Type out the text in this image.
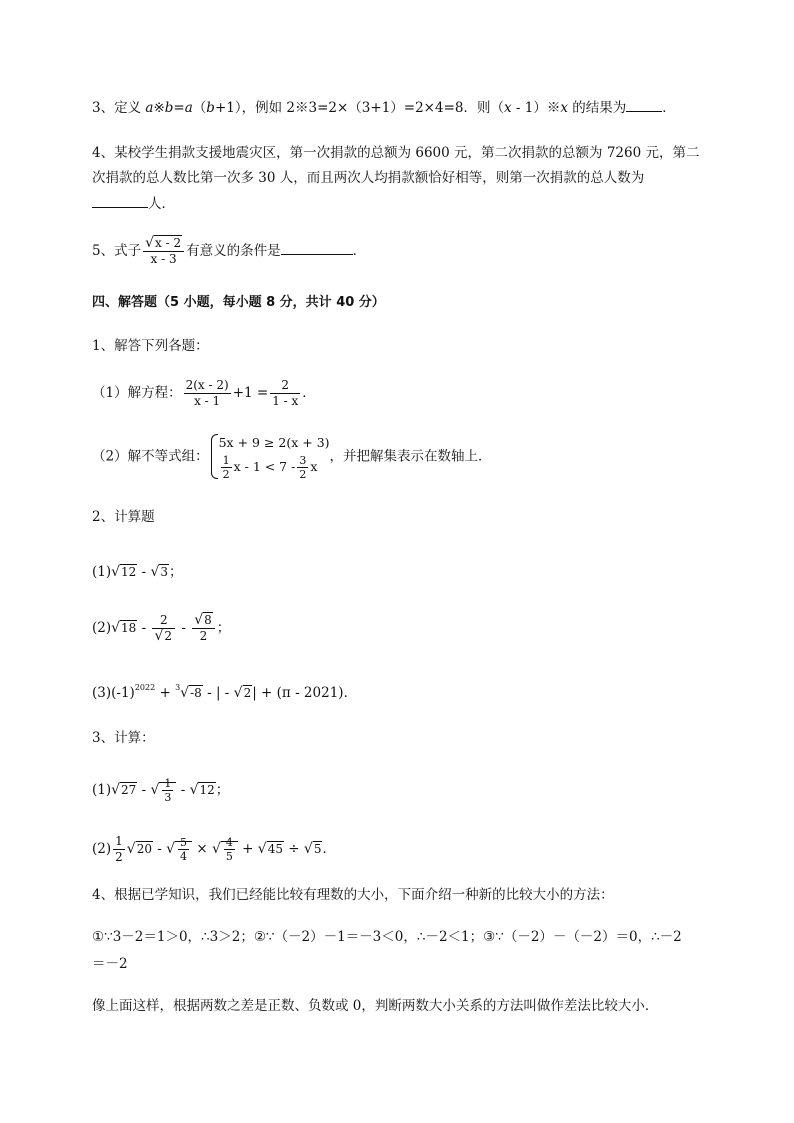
3、定义 a※b=a（b+1），例如 2※3=2×（3+1）=2×4=8．则（x - 1）※x 的结果为	．
4、某校学生捐款支援地震灾区，第一次捐款的总额为 6600 元，第二次捐款的总额为 7260 元，第二
次捐款的总人数比第一次多 30 人，而且两次人均捐款额恰好相等，则第一次捐款的总人数为
人．
5、式子 $\frac{√x - 2}{x - 3}$ 有意义的条件是	．
四、解答题（5 小题，每小题 8 分，共计 40 分）
1、解答下列各题：
（1）解方程： $\frac{2(x - 2)}{x - 1} +1 = \frac{2}{1 - x}$ ．
（2）解不等式组：
5x + 9 ≥ 2(x + 3)
$\frac{1}{2}$ $x - 1 < 7 - \frac{3}{2}$ x
，并把解集表示在数轴上．
2、计算题
(1)√12 - √3；
$(2)√18 - \frac{2}{√2} - \frac{√8}{2}$ ；
$(3)(-1)^{2022} + ^3√-8$ - | - √2| + (π - 2021)．
3、计算：
(1)√27 - √ $\frac{1}{3} - √12$；
$(2) \frac{1}{2} √20$ - √ $\frac{5}{4}$ × √ $\frac{4}{5} + √45 \div √5$．
4、根据已学知识，我们已经能比较有理数的大小，下面介绍一种新的比较大小的方法：
①∵3－2＝1＞0，∴3＞2；②∵（－2）－1＝－3＜0，∴－2＜1；③∵（－2）－（－2）＝0，∴－2
＝－2
像上面这样，根据两数之差是正数、负数或 0，判断两数大小关系的方法叫做作差法比较大小．
